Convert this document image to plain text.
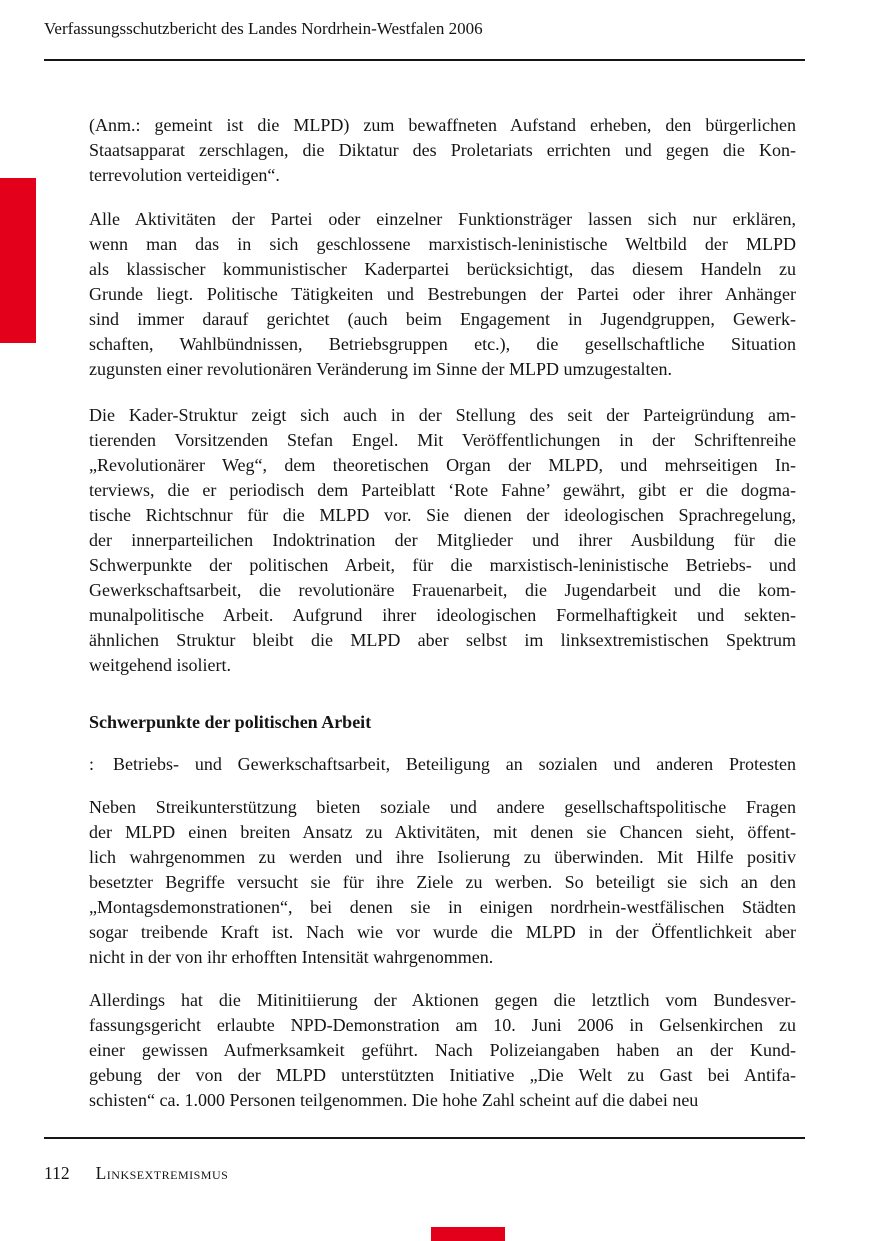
Verfassungsschutzbericht des Landes Nordrhein-Westfalen 2006
(Anm.: gemeint ist die MLPD) zum bewaffneten Aufstand erheben, den bürgerlichen
Staatsapparat zerschlagen, die Diktatur des Proletariats errichten und gegen die Kon-
terrevolution verteidigen“.
Alle Aktivitäten der Partei oder einzelner Funktionsträger lassen sich nur erklären,
wenn man das in sich geschlossene marxistisch-leninistische Weltbild der MLPD
als klassischer kommunistischer Kaderpartei berücksichtigt, das diesem Handeln zu
Grunde liegt. Politische Tätigkeiten und Bestrebungen der Partei oder ihrer Anhänger
sind immer darauf gerichtet (auch beim Engagement in Jugendgruppen, Gewerk-
schaften, Wahlbündnissen, Betriebsgruppen etc.), die gesellschaftliche Situation
zugunsten einer revolutionären Veränderung im Sinne der MLPD umzugestalten.
Die Kader-Struktur zeigt sich auch in der Stellung des seit der Parteigründung am-
tierenden Vorsitzenden Stefan Engel. Mit Veröffentlichungen in der Schriftenreihe
„Revolutionärer Weg“, dem theoretischen Organ der MLPD, und mehrseitigen In-
terviews, die er periodisch dem Parteiblatt ‘Rote Fahne’ gewährt, gibt er die dogma-
tische Richtschnur für die MLPD vor. Sie dienen der ideologischen Sprachregelung,
der innerparteilichen Indoktrination der Mitglieder und ihrer Ausbildung für die
Schwerpunkte der politischen Arbeit, für die marxistisch-leninistische Betriebs- und
Gewerkschaftsarbeit, die revolutionäre Frauenarbeit, die Jugendarbeit und die kom-
munalpolitische Arbeit. Aufgrund ihrer ideologischen Formelhaftigkeit und sekten-
ähnlichen Struktur bleibt die MLPD aber selbst im linksextremistischen Spektrum
weitgehend isoliert.
Schwerpunkte der politischen Arbeit
:	Betriebs- und Gewerkschaftsarbeit, Beteiligung an sozialen und anderen Protesten
Neben Streikunterstützung bieten soziale und andere gesellschaftspolitische Fragen
der MLPD einen breiten Ansatz zu Aktivitäten, mit denen sie Chancen sieht, öffent-
lich wahrgenommen zu werden und ihre Isolierung zu überwinden. Mit Hilfe positiv
besetzter Begriffe versucht sie für ihre Ziele zu werben. So beteiligt sie sich an den
„Montagsdemonstrationen“, bei denen sie in einigen nordrhein-westfälischen Städten
sogar treibende Kraft ist. Nach wie vor wurde die MLPD in der Öffentlichkeit aber
nicht in der von ihr erhofften Intensität wahrgenommen.
Allerdings hat die Mitinitiierung der Aktionen gegen die letztlich vom Bundesver-
fassungsgericht erlaubte NPD-Demonstration am 10. Juni 2006 in Gelsenkirchen zu
einer gewissen Aufmerksamkeit geführt. Nach Polizeiangaben haben an der Kund-
gebung der von der MLPD unterstützten Initiative „Die Welt zu Gast bei Antifa-
schisten“ ca. 1.000 Personen teilgenommen. Die hohe Zahl scheint auf die dabei neu
112 Linksextremismus
